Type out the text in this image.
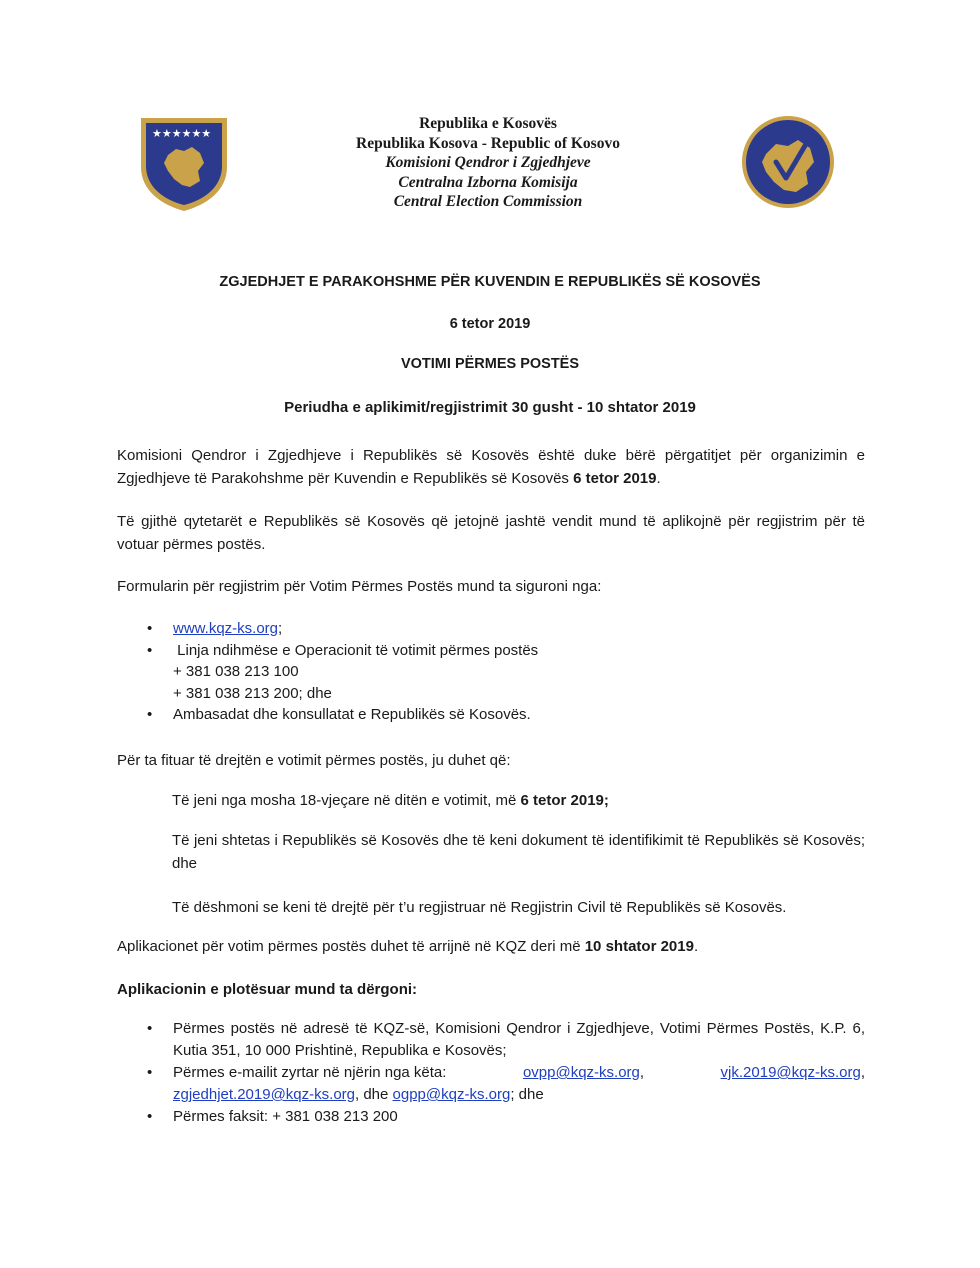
★★★★★★
Republika e Kosovës
Republika Kosova - Republic of Kosovo
Komisioni Qendror i Zgjedhjeve
Centralna Izborna Komisija
Central Election Commission
ZGJEDHJET E PARAKOHSHME PËR KUVENDIN E REPUBLIKËS SË KOSOVËS
6 tetor 2019
VOTIMI PËRMES POSTËS
Periudha e aplikimit/regjistrimit 30 gusht - 10 shtator 2019

Komisioni Qendror i Zgjedhjeve i Republikës së Kosovës është duke bërë përgatitjet për organizimin e Zgjedhjeve të Parakohshme për Kuvendin e Republikës së Kosovës 6 tetor 2019.

Të gjithë qytetarët e Republikës së Kosovës që jetojnë jashtë vendit mund të aplikojnë për regjistrim për të votuar përmes postës.

Formularin për regjistrim për Votim Përmes Postës mund ta siguroni nga:

• www.kqz-ks.org;
• Linja ndihmëse e Operacionit të votimit përmes postës
+ 381 038 213 100
+ 381 038 213 200; dhe
• Ambasadat dhe konsullatat e Republikës së Kosovës.

Për ta fituar të drejtën e votimit përmes postës, ju duhet që:

Të jeni nga mosha 18-vjeçare në ditën e votimit, më 6 tetor 2019;

Të jeni shtetas i Republikës së Kosovës dhe të keni dokument të identifikimit të Republikës së Kosovës; dhe

Të dëshmoni se keni të drejtë për t’u regjistruar në Regjistrin Civil të Republikës së Kosovës.

Aplikacionet për votim përmes postës duhet të arrijnë në KQZ deri më 10 shtator 2019.

Aplikacionin e plotësuar mund ta dërgoni:

• Përmes postës në adresë të KQZ-së, Komisioni Qendror i Zgjedhjeve, Votimi Përmes Postës, K.P. 6, Kutia 351, 10 000 Prishtinë, Republika e Kosovës;
• Përmes e-mailit zyrtar në njërin nga këta:	ovpp@kqz-ks.org,	vjk.2019@kqz-ks.org,
zgjedhjet.2019@kqz-ks.org, dhe ogpp@kqz-ks.org; dhe
• Përmes faksit: + 381 038 213 200
